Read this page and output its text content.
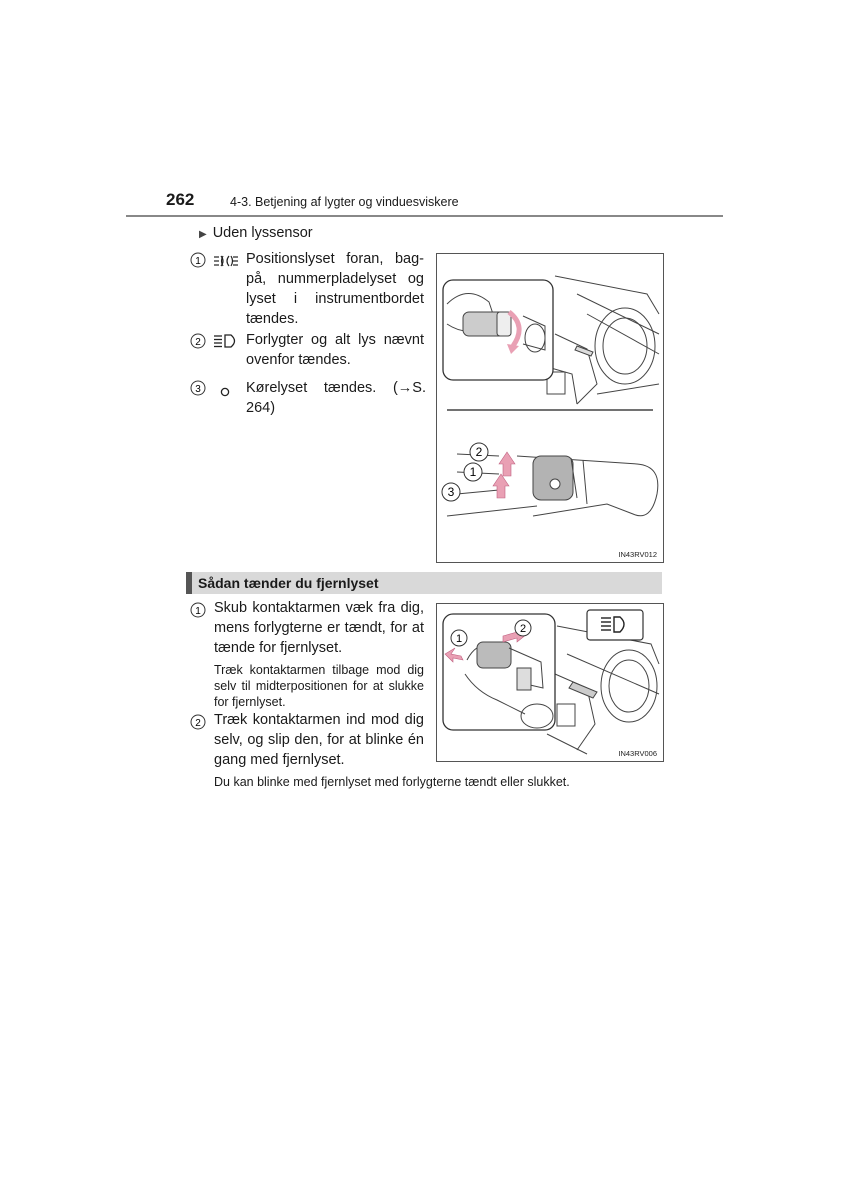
262	4-3. Betjening af lygter og vinduesviskere
▶ Uden lyssensor
1	Positionslyset foran, bag-på, nummerpladelyset og lyset i instrumentbordet tændes.
2	Forlygter og alt lys nævnt ovenfor tændes.
3	Kørelyset tændes. (→S. 264)
2
1
3
IN43RV012
Sådan tænder du fjernlyset
1 Skub kontaktarmen væk fra dig, mens forlygterne er tændt, for at tænde for fjernlyset.
Træk kontaktarmen tilbage mod dig selv til midterpositionen for at slukke for fjernlyset.
2 Træk kontaktarmen ind mod dig selv, og slip den, for at blinke én gang med fjernlyset.
1
2
IN43RV006
Du kan blinke med fjernlyset med forlygterne tændt eller slukket.
